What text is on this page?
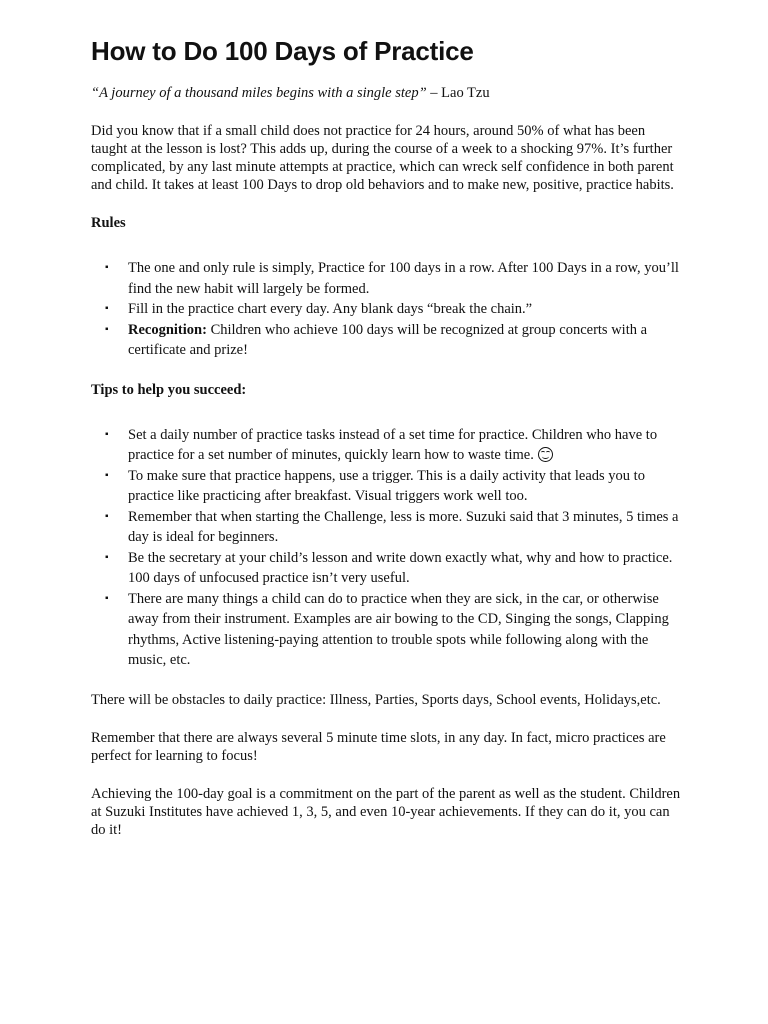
How to Do 100 Days of Practice

“A journey of a thousand miles begins with a single step” – Lao Tzu

Did you know that if a small child does not practice for 24 hours, around 50% of what has been taught at the lesson is lost? This adds up, during the course of a week to a shocking 97%. It’s further complicated, by any last minute attempts at practice, which can wreck self confidence in both parent and child. It takes at least 100 Days to drop old behaviors and to make new, positive, practice habits.

Rules

▪ The one and only rule is simply, Practice for 100 days in a row. After 100 Days in a row, you’ll find the new habit will largely be formed.
▪ Fill in the practice chart every day. Any blank days “break the chain.”
▪ Recognition: Children who achieve 100 days will be recognized at group concerts with a certificate and prize!

Tips to help you succeed:

▪ Set a daily number of practice tasks instead of a set time for practice. Children who have to practice for a set number of minutes, quickly learn how to waste time.
▪ To make sure that practice happens, use a trigger. This is a daily activity that leads you to practice like practicing after breakfast. Visual triggers work well too.
▪ Remember that when starting the Challenge, less is more. Suzuki said that 3 minutes, 5 times a day is ideal for beginners.
▪ Be the secretary at your child’s lesson and write down exactly what, why and how to practice. 100 days of unfocused practice isn’t very useful.
▪ There are many things a child can do to practice when they are sick, in the car, or otherwise away from their instrument. Examples are air bowing to the CD, Singing the songs, Clapping rhythms, Active listening-paying attention to trouble spots while following along with the music, etc.

There will be obstacles to daily practice: Illness, Parties, Sports days, School events, Holidays,etc.

Remember that there are always several 5 minute time slots, in any day. In fact, micro practices are perfect for learning to focus!

Achieving the 100-day goal is a commitment on the part of the parent as well as the student. Children at Suzuki Institutes have achieved 1, 3, 5, and even 10-year achievements. If they can do it, you can do it!
